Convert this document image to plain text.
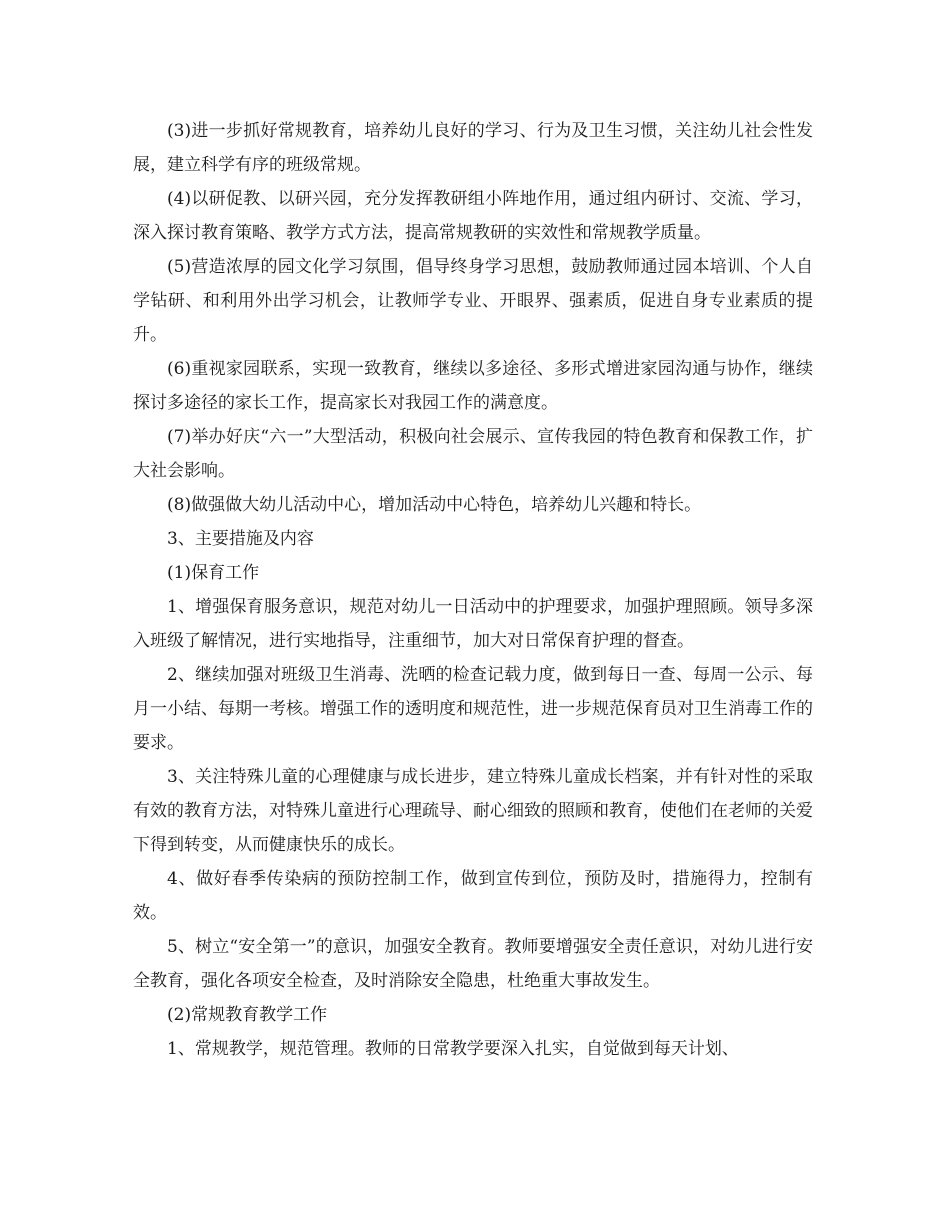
(3)进一步抓好常规教育，培养幼儿良好的学习、行为及卫生习惯，关注幼儿社会性发展，建立科学有序的班级常规。

(4)以研促教、以研兴园，充分发挥教研组小阵地作用，通过组内研讨、交流、学习，深入探讨教育策略、教学方式方法，提高常规教研的实效性和常规教学质量。

(5)营造浓厚的园文化学习氛围，倡导终身学习思想，鼓励教师通过园本培训、个人自学钻研、和利用外出学习机会，让教师学专业、开眼界、强素质，促进自身专业素质的提升。

(6)重视家园联系，实现一致教育，继续以多途径、多形式增进家园沟通与协作，继续探讨多途径的家长工作，提高家长对我园工作的满意度。

(7)举办好庆“六一”大型活动，积极向社会展示、宣传我园的特色教育和保教工作，扩大社会影响。

(8)做强做大幼儿活动中心，增加活动中心特色，培养幼儿兴趣和特长。

3、主要措施及内容

(1)保育工作

1、增强保育服务意识，规范对幼儿一日活动中的护理要求，加强护理照顾。领导多深入班级了解情况，进行实地指导，注重细节，加大对日常保育护理的督查。

2、继续加强对班级卫生消毒、洗晒的检查记载力度，做到每日一查、每周一公示、每月一小结、每期一考核。增强工作的透明度和规范性，进一步规范保育员对卫生消毒工作的要求。

3、关注特殊儿童的心理健康与成长进步，建立特殊儿童成长档案，并有针对性的采取有效的教育方法，对特殊儿童进行心理疏导、耐心细致的照顾和教育，使他们在老师的关爱下得到转变，从而健康快乐的成长。

4、做好春季传染病的预防控制工作，做到宣传到位，预防及时，措施得力，控制有效。

5、树立“安全第一”的意识，加强安全教育。教师要增强安全责任意识，对幼儿进行安全教育，强化各项安全检查，及时消除安全隐患，杜绝重大事故发生。

(2)常规教育教学工作

1、常规教学，规范管理。教师的日常教学要深入扎实，自觉做到每天计划、
